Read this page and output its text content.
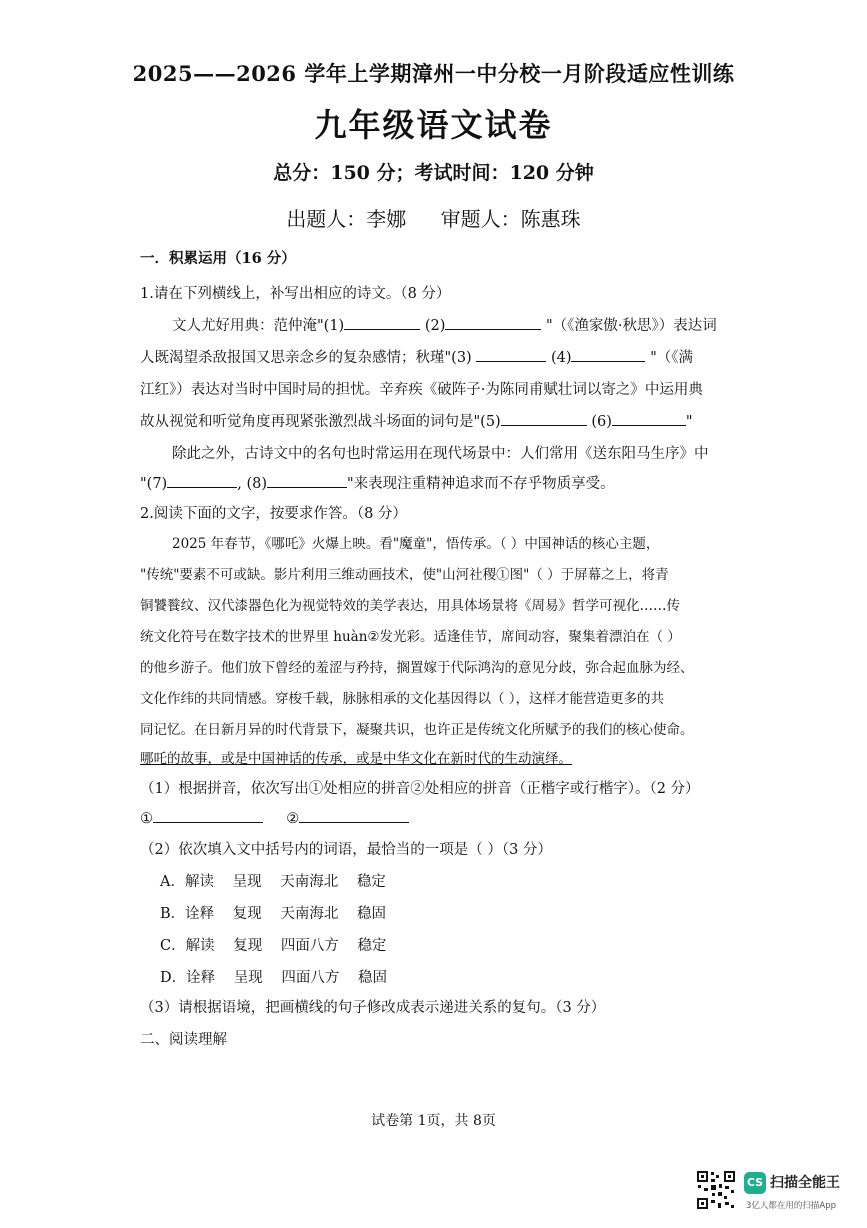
2025——2026 学年上学期漳州一中分校一月阶段适应性训练
九年级语文试卷
总分：150 分；考试时间：120 分钟
出题人：李娜 审题人：陈惠珠
一．积累运用（16 分）
1.请在下列横线上，补写出相应的诗文。（8 分）
文人尤好用典：范仲淹"(1)	(2)	"（《渔家傲·秋思》）表达词
人既渴望杀敌报国又思亲念乡的复杂感情；秋瑾"(3)	(4)	"（《满
江红》）表达对当时中国时局的担忧。辛弃疾《破阵子·为陈同甫赋壮词以寄之》中运用典
故从视觉和听觉角度再现紧张激烈战斗场面的词句是"(5)	(6)	"
除此之外，古诗文中的名句也时常运用在现代场景中：人们常用《送东阳马生序》中
"(7)	, (8)	"来表现注重精神追求而不存乎物质享受。
2.阅读下面的文字，按要求作答。（8 分）
2025 年春节，《哪吒》火爆上映。看"魔童"，悟传承。（ ）中国神话的核心主题，
"传统"要素不可或缺。影片利用三维动画技术，使"山河社稷①图"（ ）于屏幕之上，将青
铜饕餮纹、汉代漆器色化为视觉特效的美学表达，用具体场景将《周易》哲学可视化……传
统文化符号在数字技术的世界里 huàn②发光彩。适逢佳节，席间动容，聚集着漂泊在（ ）
的他乡游子。他们放下曾经的羞涩与矜持，搁置嫁于代际鸿沟的意见分歧，弥合起血脉为经、
文化作纬的共同情感。穿梭千载，脉脉相承的文化基因得以（ ），这样才能营造更多的共
同记忆。在日新月异的时代背景下，凝聚共识，也许正是传统文化所赋予的我们的核心使命。
哪吒的故事，或是中国神话的传承，或是中华文化在新时代的生动演绎。
（1）根据拼音，依次写出①处相应的拼音②处相应的拼音（正楷字或行楷字）。（2 分）
①	②
（2）依次填入文中括号内的词语，最恰当的一项是（ ）（3 分）
A．解读 呈现 天南海北 稳定
B．诠释 复现 天南海北 稳固
C．解读 复现 四面八方 稳定
D．诠释 呈现 四面八方 稳固
（3）请根据语境，把画横线的句子修改成表示递进关系的复句。（3 分）
二、阅读理解
试卷第 1页，共 8页
CS 扫描全能王
3亿人都在用的扫描App
